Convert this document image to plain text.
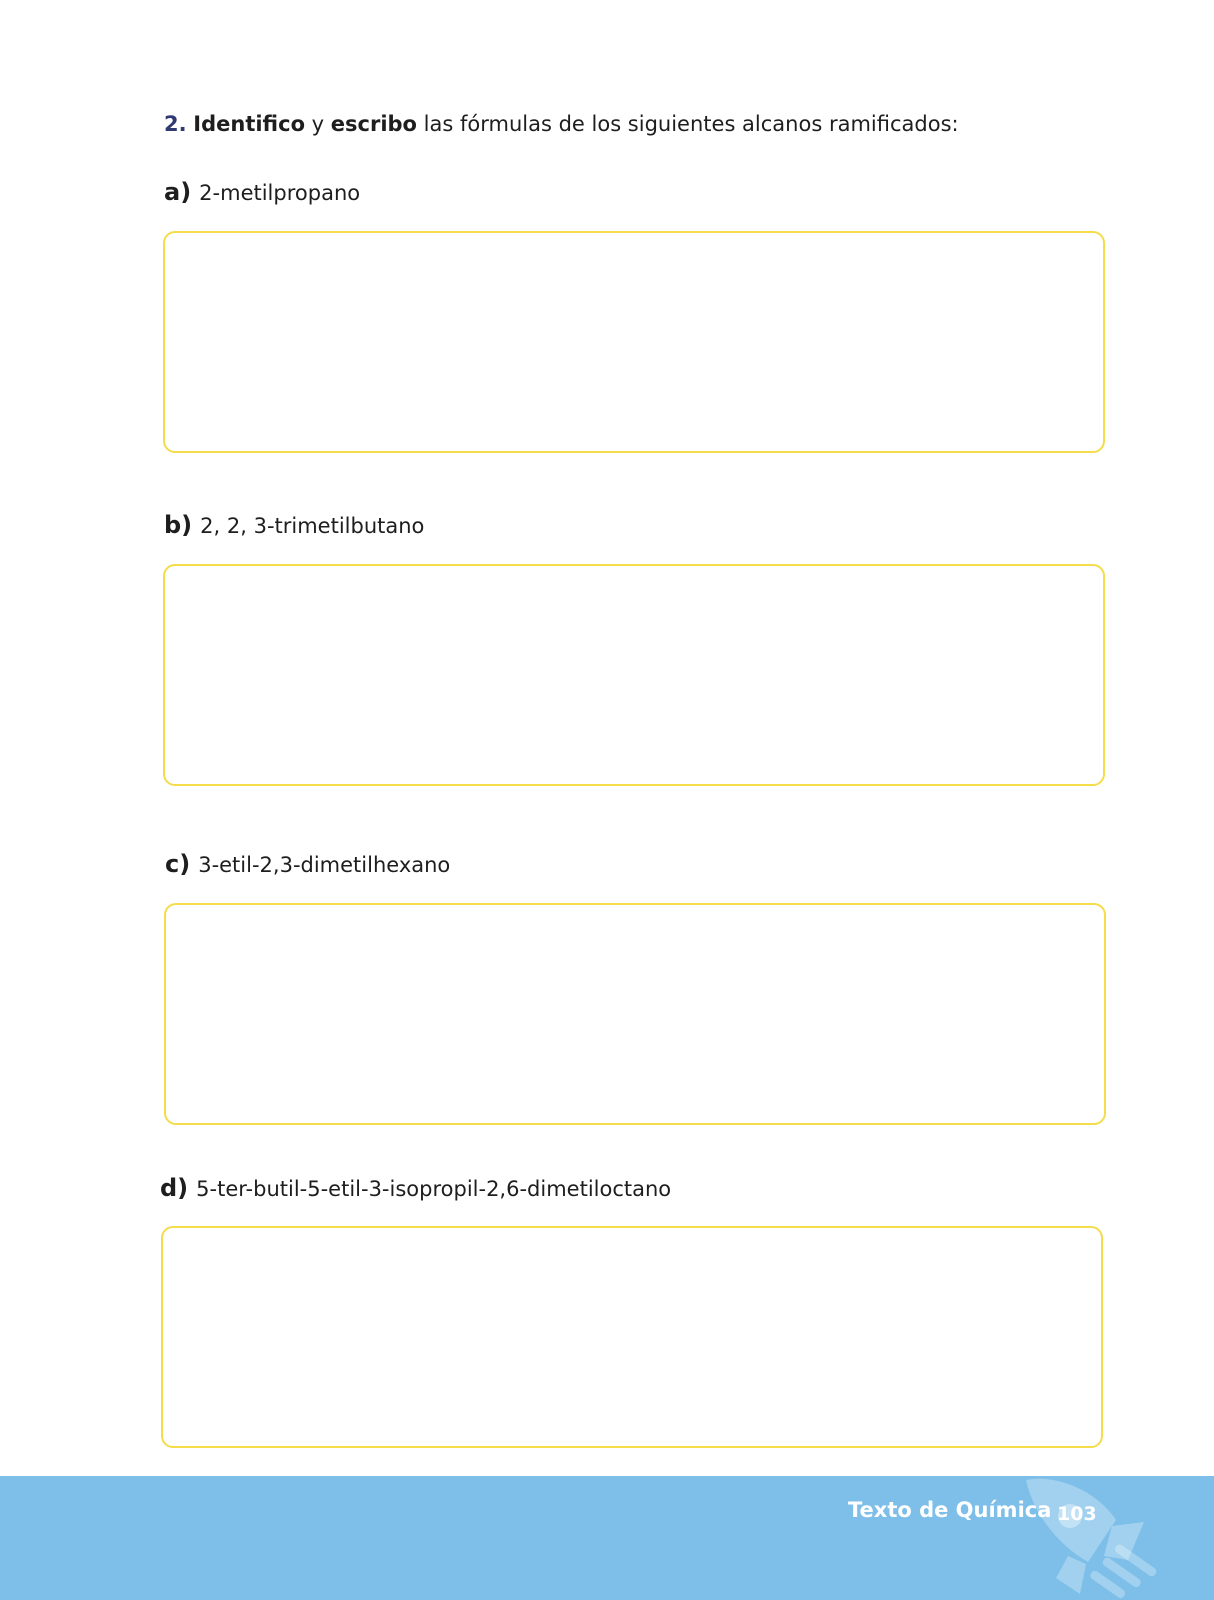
2. Identifico y escribo las fórmulas de los siguientes alcanos ramificados:
a) 2-metilpropano
b) 2, 2, 3-trimetilbutano
c) 3-etil-2,3-dimetilhexano
d) 5-ter-butil-5-etil-3-isopropil-2,6-dimetiloctano
Texto de Química 103
